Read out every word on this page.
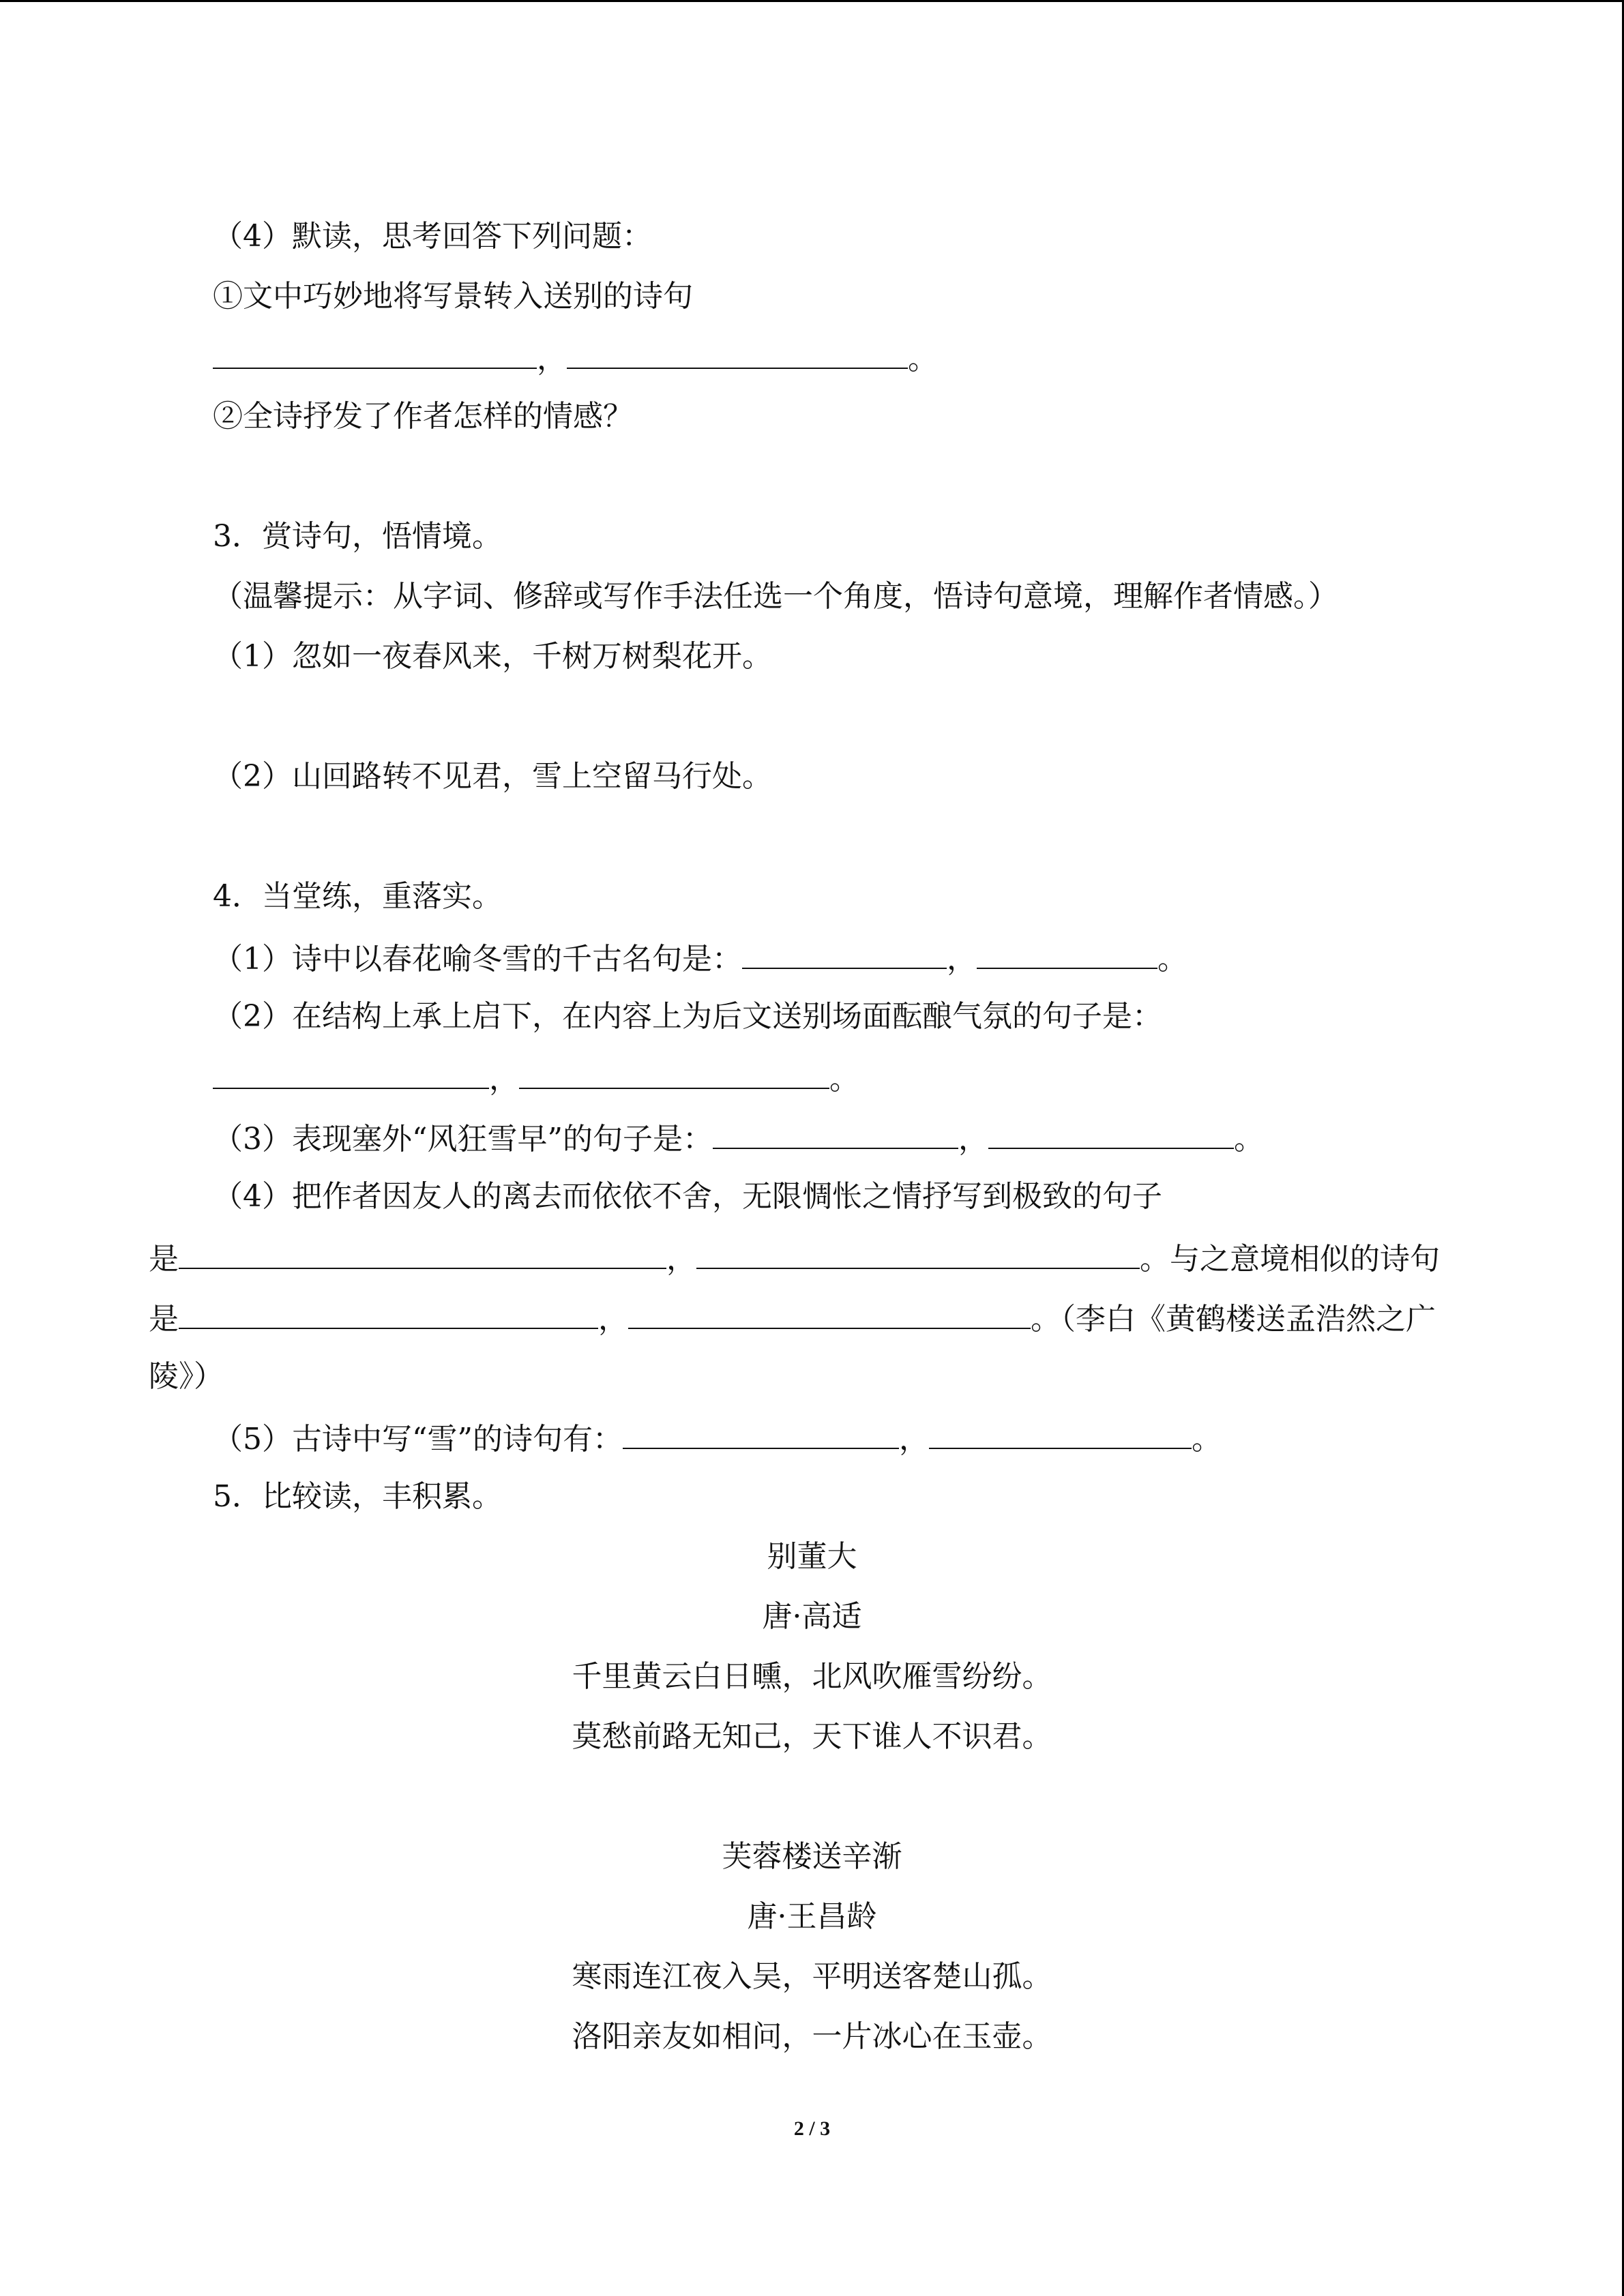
（4）默读，思考回答下列问题：
①文中巧妙地将写景转入送别的诗句
，	。
②全诗抒发了作者怎样的情感？
3．赏诗句，悟情境。
（温馨提示：从字词、修辞或写作手法任选一个角度，悟诗句意境，理解作者情感。）
（1）忽如一夜春风来，千树万树梨花开。
（2）山回路转不见君，雪上空留马行处。
4．当堂练，重落实。
（1）诗中以春花喻冬雪的千古名句是：	，	。
（2）在结构上承上启下，在内容上为后文送别场面酝酿气氛的句子是：
，	。
（3）表现塞外“风狂雪早”的句子是：	，	。
（4）把作者因友人的离去而依依不舍，无限惆怅之情抒写到极致的句子
是	，	。与之意境相似的诗句
是	，	。（李白《黄鹤楼送孟浩然之广
陵》）
（5）古诗中写“雪”的诗句有：	，	。
5．比较读，丰积累。
别董大
唐·高适
千里黄云白日曛，北风吹雁雪纷纷。
莫愁前路无知己，天下谁人不识君。
芙蓉楼送辛渐
唐·王昌龄
寒雨连江夜入吴，平明送客楚山孤。
洛阳亲友如相问，一片冰心在玉壶。
2 / 3
